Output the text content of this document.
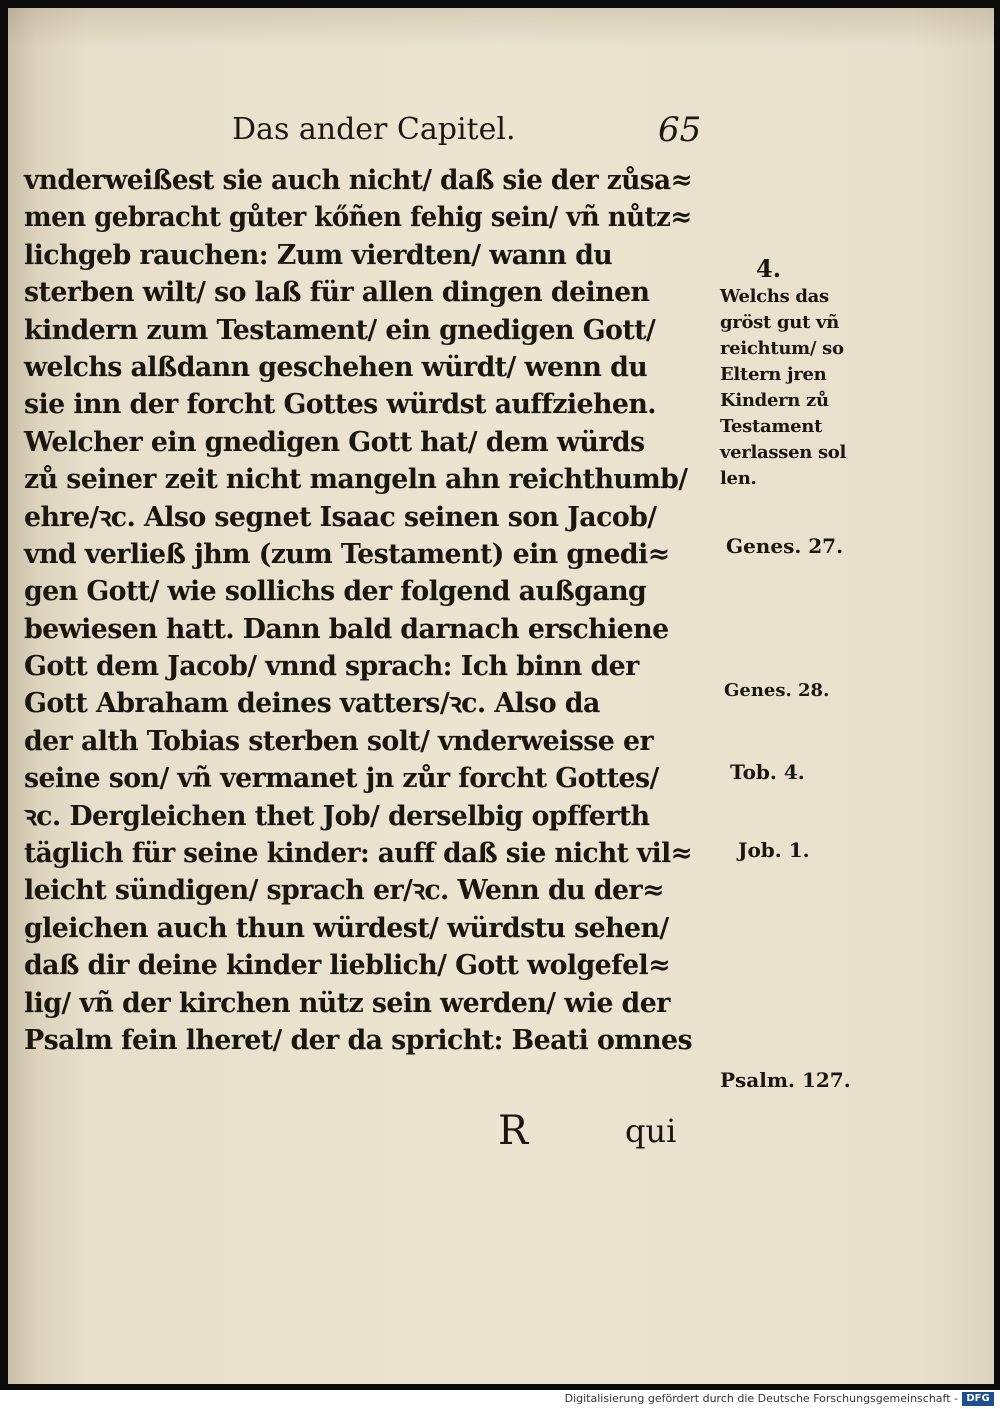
Das ander Capitel.	65
vnderweißest sie auch nicht/ daß sie der zůsa≈
men gebracht gůter kőñen fehig sein/ vñ nůtz≈
lichgeb rauchen: Zum vierdten/ wann du
sterben wilt/ so laß für allen dingen deinen
kindern zum Testament/ ein gnedigen Gott/
welchs alßdann geschehen würdt/ wenn du
sie inn der forcht Gottes würdst auffziehen.
Welcher ein gnedigen Gott hat/ dem würds
zů seiner zeit nicht mangeln ahn reichthumb/
ehre/ꝛc. Also segnet Isaac seinen son Jacob/
vnd verließ jhm (zum Testament) ein gnedi≈
gen Gott/ wie sollichs der folgend außgang
bewiesen hatt. Dann bald darnach erschiene
Gott dem Jacob/ vnnd sprach: Ich binn der
Gott Abraham deines vatters/ꝛc. Also da
der alth Tobias sterben solt/ vnderweisse er
seine son/ vñ vermanet jn zůr forcht Gottes/
ꝛc. Dergleichen thet Job/ derselbig opfferth
täglich für seine kinder: auff daß sie nicht vil≈
leicht sündigen/ sprach er/ꝛc. Wenn du der≈
gleichen auch thun würdest/ würdstu sehen/
daß dir deine kinder lieblich/ Gott wolgefel≈
lig/ vñ der kirchen nütz sein werden/ wie der
Psalm fein lheret/ der da spricht: Beati omnes
4.
Welchs das
gröst gut vñ
reichtum/ so
Eltern jren
Kindern zů
Testament
verlassen sol
len.
Genes. 27.
Genes. 28.
Tob. 4.
Job. 1.
Psalm. 127.
R	qui
Digitalisierung gefördert durch die Deutsche Forschungsgemeinschaft - DFG
